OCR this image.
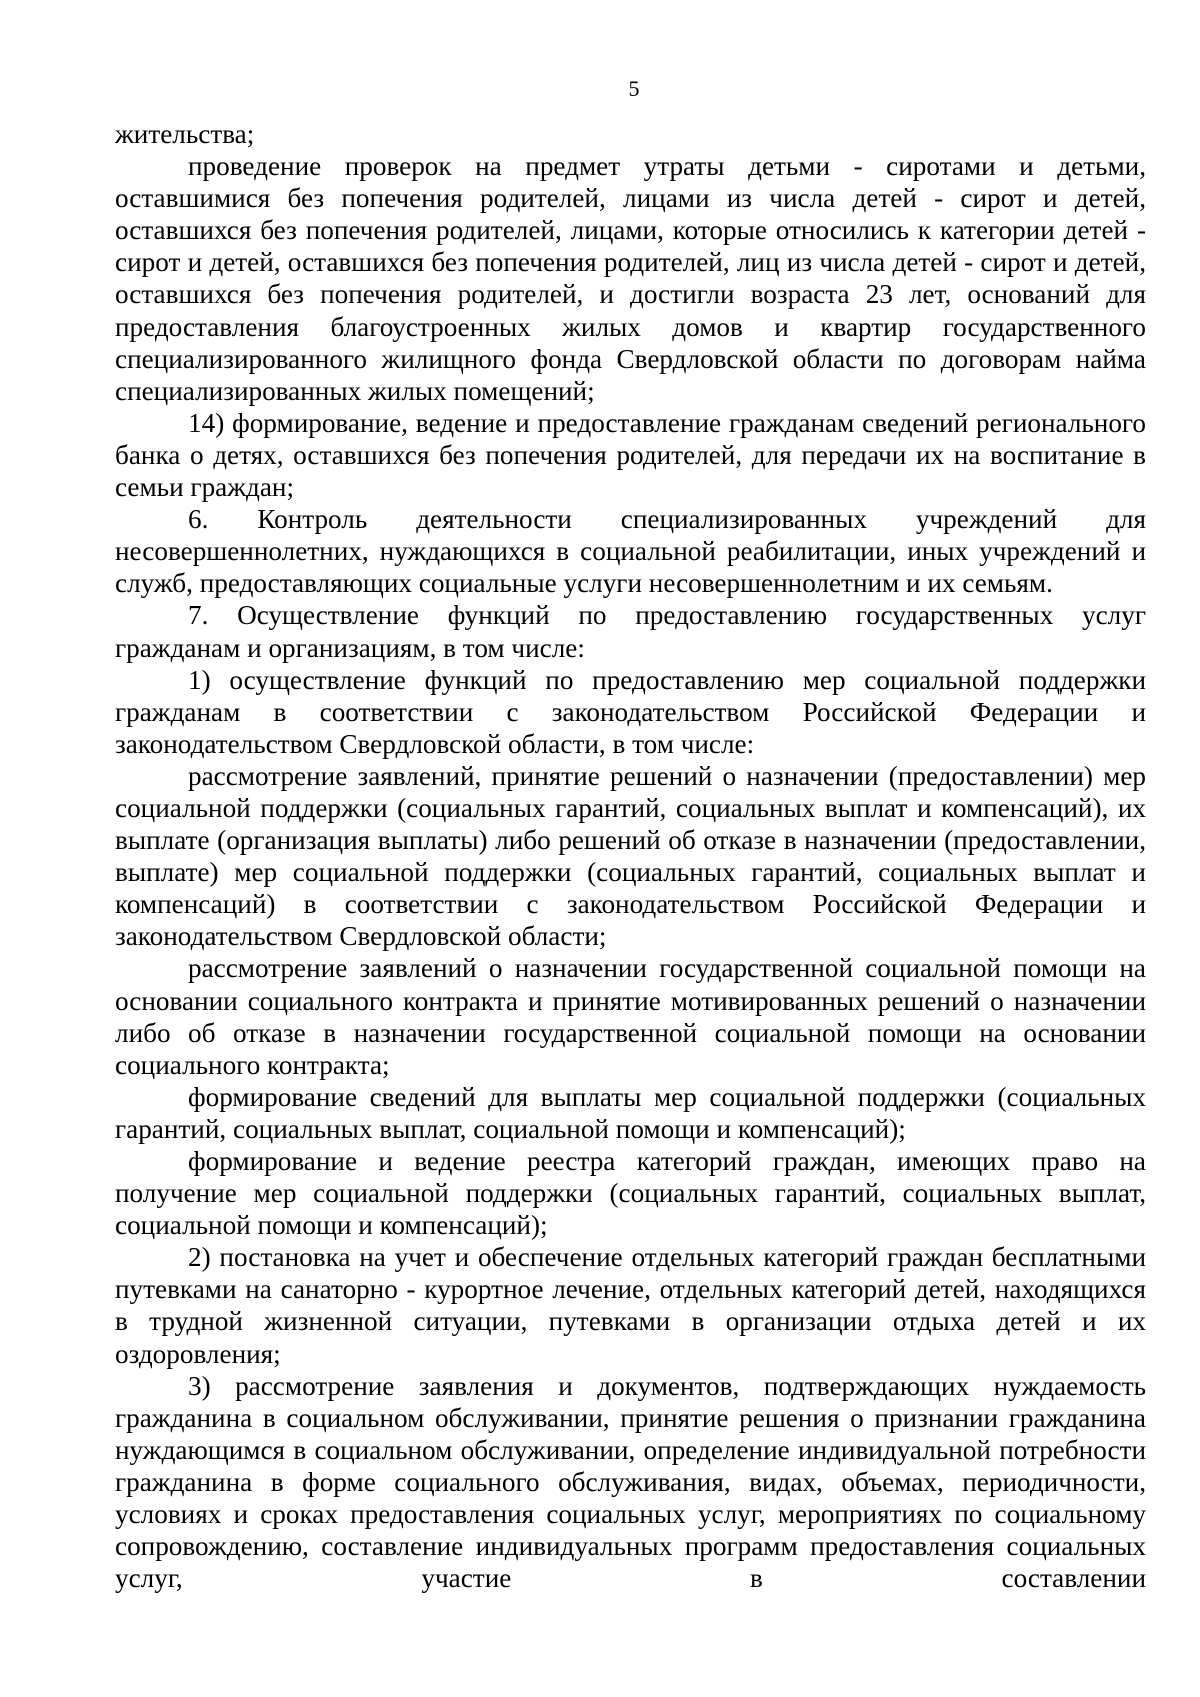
5

жительства;

проведение проверок на предмет утраты детьми - сиротами и детьми, оставшимися без попечения родителей, лицами из числа детей - сирот и детей, оставшихся без попечения родителей, лицами, которые относились к категории детей - сирот и детей, оставшихся без попечения родителей, лиц из числа детей - сирот и детей, оставшихся без попечения родителей, и достигли возраста 23 лет, оснований для предоставления благоустроенных жилых домов и квартир государственного специализированного жилищного фонда Свердловской области по договорам найма специализированных жилых помещений;

14) формирование, ведение и предоставление гражданам сведений регионального банка о детях, оставшихся без попечения родителей, для передачи их на воспитание в семьи граждан;

6. Контроль деятельности специализированных учреждений для несовершеннолетних, нуждающихся в социальной реабилитации, иных учреждений и служб, предоставляющих социальные услуги несовершеннолетним и их семьям.

7. Осуществление функций по предоставлению государственных услуг гражданам и организациям, в том числе:

1) осуществление функций по предоставлению мер социальной поддержки гражданам в соответствии с законодательством Российской Федерации и законодательством Свердловской области, в том числе:

рассмотрение заявлений, принятие решений о назначении (предоставлении) мер социальной поддержки (социальных гарантий, социальных выплат и компенсаций), их выплате (организация выплаты) либо решений об отказе в назначении (предоставлении, выплате) мер социальной поддержки (социальных гарантий, социальных выплат и компенсаций) в соответствии с законодательством Российской Федерации и законодательством Свердловской области;

рассмотрение заявлений о назначении государственной социальной помощи на основании социального контракта и принятие мотивированных решений о назначении либо об отказе в назначении государственной социальной помощи на основании социального контракта;

формирование сведений для выплаты мер социальной поддержки (социальных гарантий, социальных выплат, социальной помощи и компенсаций);

формирование и ведение реестра категорий граждан, имеющих право на получение мер социальной поддержки (социальных гарантий, социальных выплат, социальной помощи и компенсаций);

2) постановка на учет и обеспечение отдельных категорий граждан бесплатными путевками на санаторно - курортное лечение, отдельных категорий детей, находящихся в трудной жизненной ситуации, путевками в организации отдыха детей и их оздоровления;

3) рассмотрение заявления и документов, подтверждающих нуждаемость гражданина в социальном обслуживании, принятие решения о признании гражданина нуждающимся в социальном обслуживании, определение индивидуальной потребности гражданина в форме социального обслуживания, видах, объемах, периодичности, условиях и сроках предоставления социальных услуг, мероприятиях по социальному сопровождению, составление индивидуальных программ предоставления социальных услуг, участие в составлении
